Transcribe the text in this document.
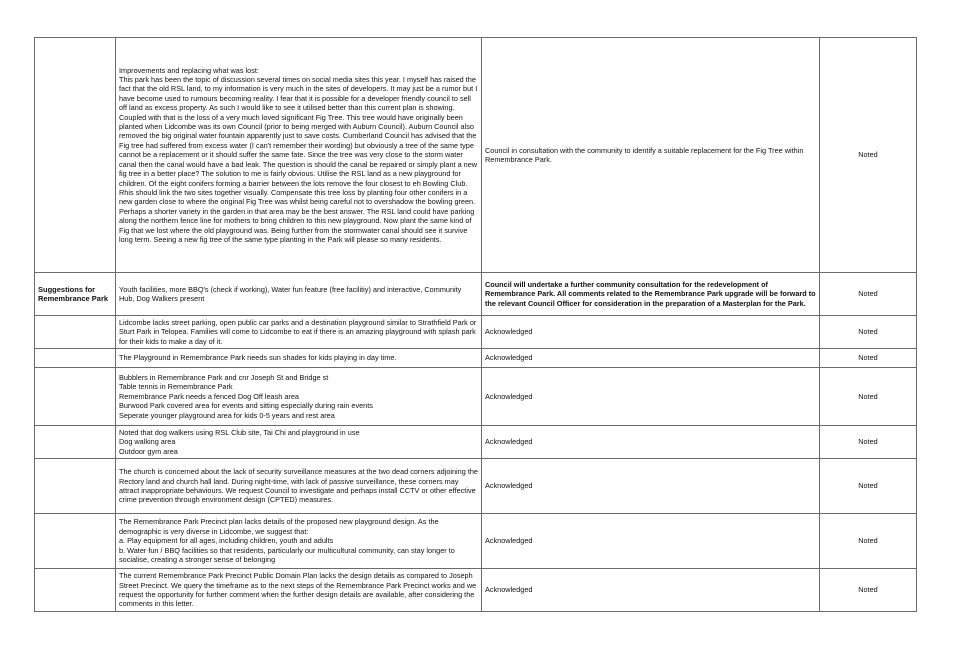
	Improvements and replacing what was lost:
This park has been the topic of discussion several times on social media sites this year. I myself has raised the fact that the old RSL land, to my information is very much in the sites of developers. It may just be a rumor but I have become used to rumours becoming reality. I fear that it is possible for a developer friendly council to sell off land as excess property. As such I would like to see it utilised better than this current plan is showing. Coupled with that is the loss of a very much loved significant Fig Tree. This tree would have originally been planted when Lidcombe was its own Council (prior to being merged with Auburn Council). Auburn Council also removed the big original water fountain apparently just to save costs. Cumberland Council has advised that the Fig tree had suffered from excess water (I can't remember their wording) but obviously a tree of the same type cannot be a replacement or it should suffer the same fate. Since the tree was very close to the storm water canal then the canal would have a bad leak. The question is should the canal be repaired or simply plant a new fig tree in a better place? The solution to me is fairly obvious. Utilise the RSL land as a new playground for children. Of the eight conifers forming a barrier between the lots remove the four closest to eh Bowling Club. Rhis should link the two sites together visually. Compensate this tree loss by planting four other conifers in a new garden close to where the original Fig Tree was whilst being careful not to overshadow the bowling green. Perhaps a shorter variety in the garden in that area may be the best answer. The RSL land could have parking along the northern fence line for mothers to bring children to this new playground. Now plant the same kind of Fig that we lost where the old playground was. Being further from the stormwater canal should see it survive long term. Seeing a new fig tree of the same type planting in the Park will please so many residents.	Council in consultation with the community to identify a suitable replacement for the Fig Tree within Remembrance Park.	Noted
Suggestions for Remembrance Park	Youth facilities, more BBQ's (check if working), Water fun feature (free facilitiy) and interactive, Community Hub, Dog Walkers present	Council will undertake a further community consultation for the redevelopment of Remembrance Park. All comments related to the Remembrance Park upgrade will be forward to the relevant Council Officer for consideration in the preparation of a Masterplan for the Park.	Noted
	Lidcombe lacks street parking, open public car parks and a destination playground similar to Strathfield Park or Sturt Park in Telopea. Families will come to Lidcombe to eat if there is an amazing playground with splash park for their kids to make a day of it.	Acknowledged	Noted
	The Playground in Remembrance Park needs sun shades for kids playing in day time.	Acknowledged	Noted
	Bubblers in Remembrance Park and cnr Joseph St and Bridge st
Table tennis in Remembrance Park
Remembrance Park needs a fenced Dog Off leash area
Burwood Park covered area for events and sitting especially during rain events
Seperate younger playground area for kids 0-5 years and rest area	Acknowledged	Noted
	Noted that dog walkers using RSL Club site, Tai Chi and playground in use
Dog walking area
Outdoor gym area	Acknowledged	Noted
	The church is concerned about the lack of security surveillance measures at the two dead corners adjoining the Rectory land and church hall land. During night-time, with lack of passive surveillance, these corners may attract inappropriate behaviours. We request Council to investigate and perhaps install CCTV or other effective crime prevention through environment design (CPTED) measures.	Acknowledged	Noted
	The Remembrance Park Precinct plan lacks details of the proposed new playground design. As the demographic is very diverse in Lidcombe, we suggest that:
a. Play equipment for all ages, including children, youth and adults
b. Water fun / BBQ facilities so that residents, particularly our multicultural community, can stay longer to socialise, creating a stronger sense of belonging	Acknowledged	Noted
	The current Remembrance Park Precinct Public Domain Plan lacks the design details as compared to Joseph Street Precinct. We query the timeframe as to the next steps of the Remembrance Park Precinct works and we request the opportunity for further comment when the further design details are available, after considering the comments in this letter.	Acknowledged	Noted
